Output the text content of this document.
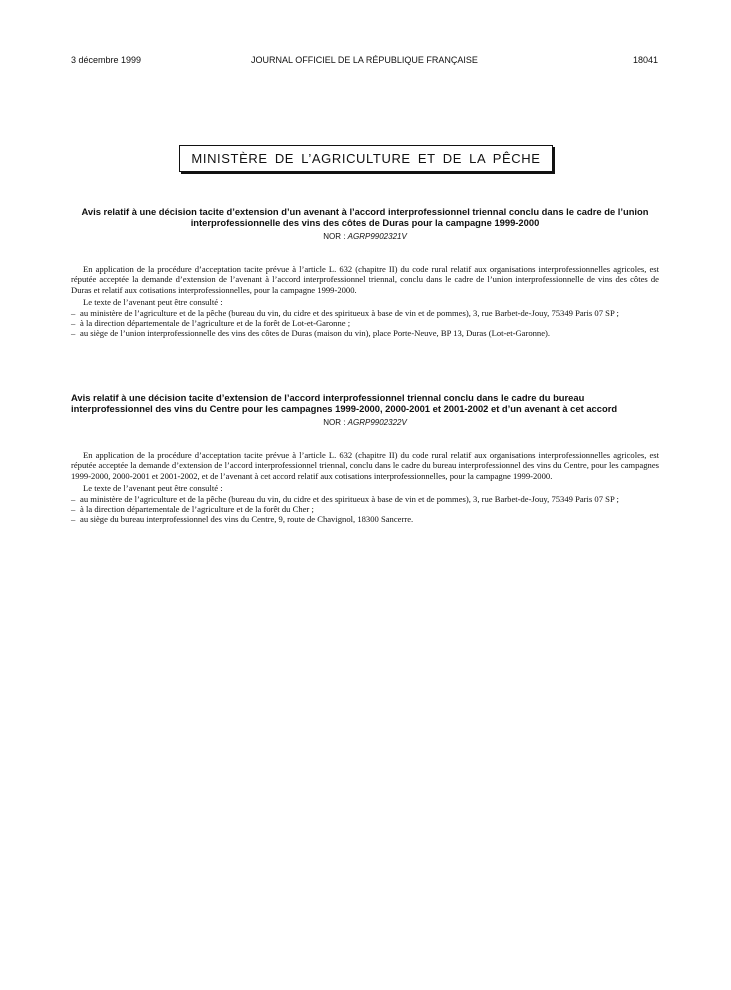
3 décembre 1999	JOURNAL OFFICIEL DE LA RÉPUBLIQUE FRANÇAISE	18041
MINISTÈRE DE L’AGRICULTURE ET DE LA PÊCHE
Avis relatif à une décision tacite d’extension d’un avenant à l’accord interprofessionnel triennal conclu dans le cadre de l’union interprofessionnelle des vins des côtes de Duras pour la campagne 1999-2000
NOR : AGRP9902321V

En application de la procédure d’acceptation tacite prévue à l’article L. 632 (chapitre II) du code rural relatif aux organisations interprofessionnelles agricoles, est réputée acceptée la demande d’extension de l’avenant à l’accord interprofessionnel triennal, conclu dans le cadre de l’union interprofessionnelle de vins des côtes de Duras et relatif aux cotisations interprofessionnelles, pour la campagne 1999-2000.

Le texte de l’avenant peut être consulté :

– au ministère de l’agriculture et de la pêche (bureau du vin, du cidre et des spiritueux à base de vin et de pommes), 3, rue Barbet-de-Jouy, 75349 Paris 07 SP ;
– à la direction départementale de l’agriculture et de la forêt de Lot-et-Garonne ;
– au siège de l’union interprofessionnelle des vins des côtes de Duras (maison du vin), place Porte-Neuve, BP 13, Duras (Lot-et-Garonne).
Avis relatif à une décision tacite d’extension de l’accord interprofessionnel triennal conclu dans le cadre du bureau interprofessionnel des vins du Centre pour les campagnes 1999-2000, 2000-2001 et 2001-2002 et d’un avenant à cet accord
NOR : AGRP9902322V

En application de la procédure d’acceptation tacite prévue à l’article L. 632 (chapitre II) du code rural relatif aux organisations interprofessionnelles agricoles, est réputée acceptée la demande d’extension de l’accord interprofessionnel triennal, conclu dans le cadre du bureau interprofessionnel des vins du Centre, pour les campagnes 1999-2000, 2000-2001 et 2001-2002, et de l’avenant à cet accord relatif aux cotisations interprofessionnelles, pour la campagne 1999-2000.

Le texte de l’avenant peut être consulté :

– au ministère de l’agriculture et de la pêche (bureau du vin, du cidre et des spiritueux à base de vin et de pommes), 3, rue Barbet-de-Jouy, 75349 Paris 07 SP ;
– à la direction départementale de l’agriculture et de la forêt du Cher ;
– au siège du bureau interprofessionnel des vins du Centre, 9, route de Chavignol, 18300 Sancerre.
